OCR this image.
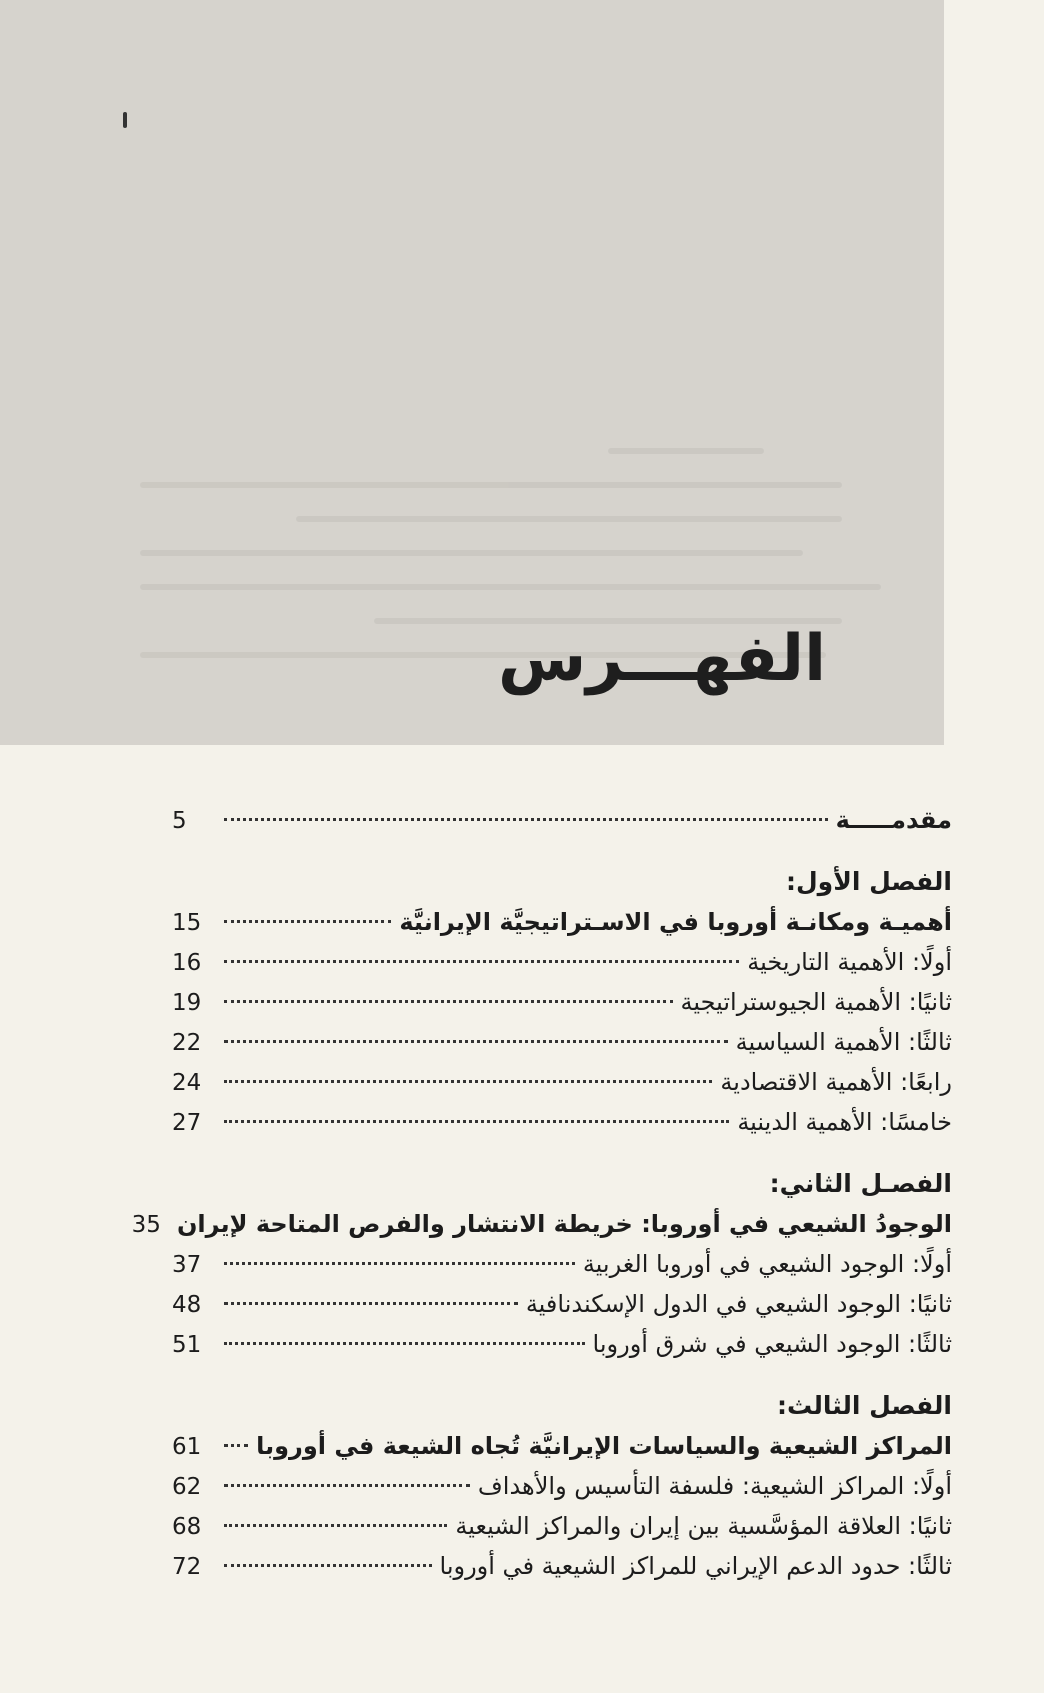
الفهـــرس
مقدمـــــة
5
الفصل الأول:
أهميـة ومكانـة أوروبا في الاسـتراتيجيَّة الإيرانيَّة
15
أولًا: الأهمية التاريخية
16
ثانيًا: الأهمية الجيوستراتيجية
19
ثالثًا: الأهمية السياسية
22
رابعًا: الأهمية الاقتصادية
24
خامسًا: الأهمية الدينية
27
الفصـل الثاني:
الوجودُ الشيعي في أوروبا: خريطة الانتشار والفرص المتاحة لإيران
35
أولًا: الوجود الشيعي في أوروبا الغربية
37
ثانيًا: الوجود الشيعي في الدول الإسكندنافية
48
ثالثًا: الوجود الشيعي في شرق أوروبا
51
الفصل الثالث:
المراكز الشيعية والسياسات الإيرانيَّة تُجاه الشيعة في أوروبا
61
أولًا: المراكز الشيعية: فلسفة التأسيس والأهداف
62
ثانيًا: العلاقة المؤسَّسية بين إيران والمراكز الشيعية
68
ثالثًا: حدود الدعم الإيراني للمراكز الشيعية في أوروبا
72
